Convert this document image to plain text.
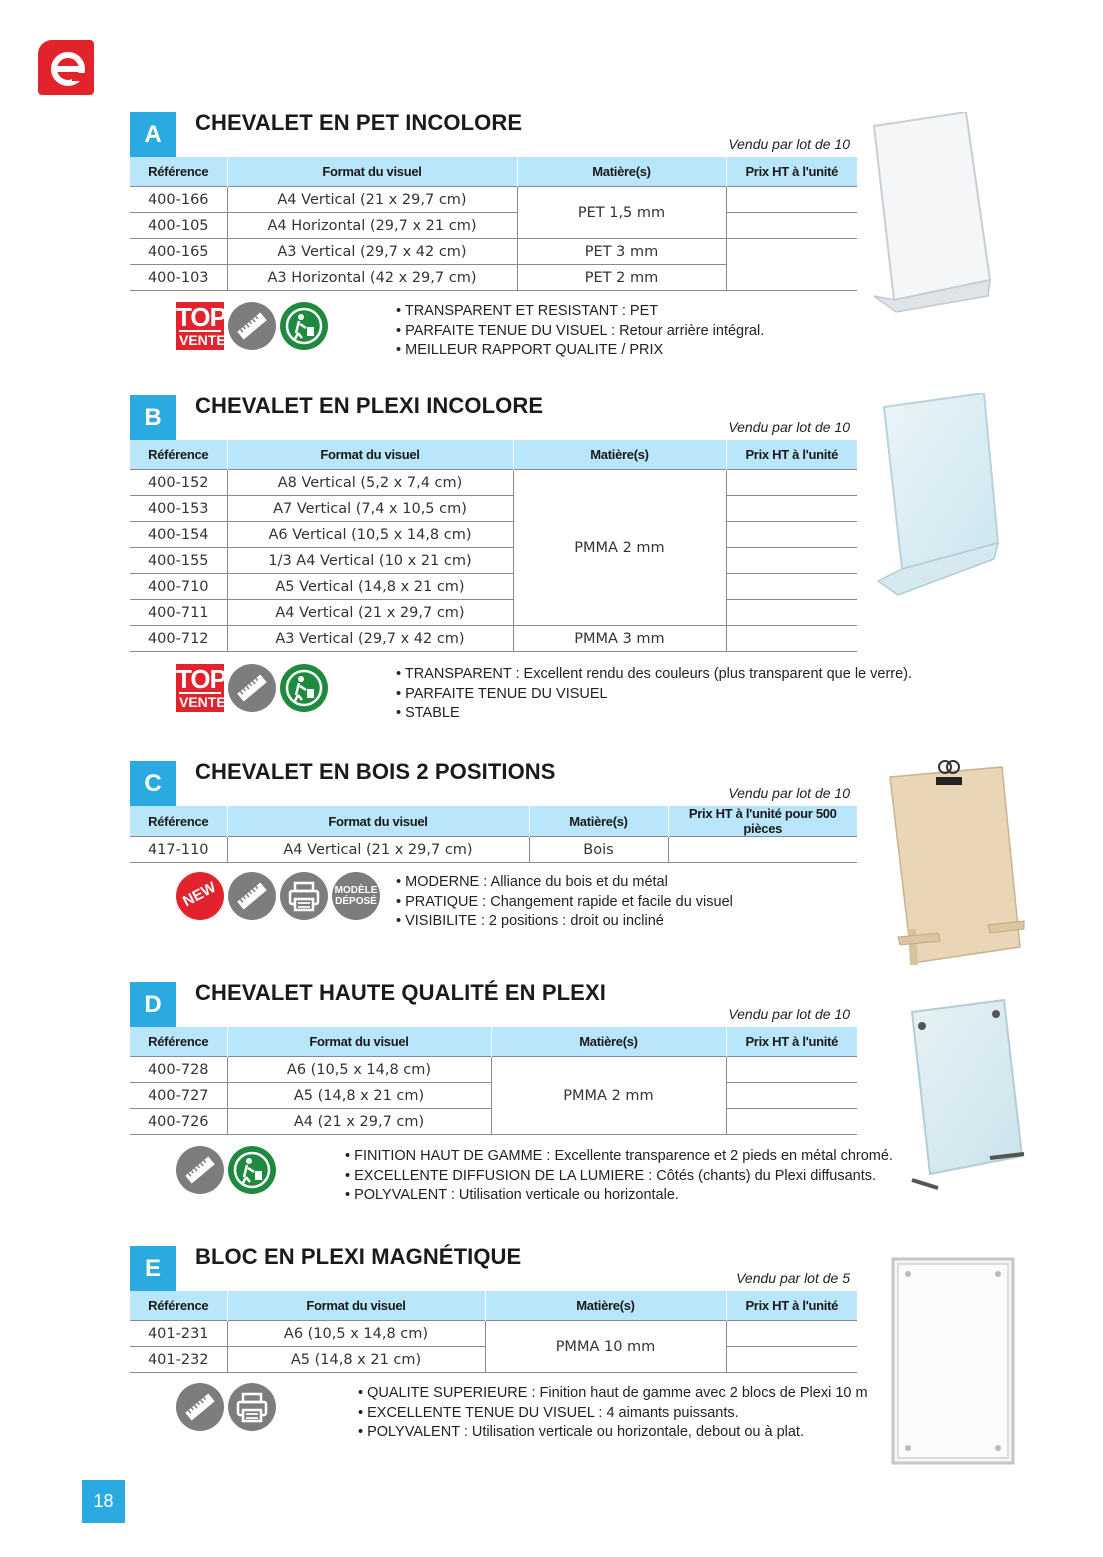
A	CHEVALET EN PET INCOLORE
Vendu par lot de 10
Référence	Format du visuel	Matière(s)	Prix HT à l'unité
400-166	A4 Vertical (21 x 29,7 cm)	PET 1,5 mm	
400-105	A4 Horizontal (29,7 x 21 cm)		
400-165	A3 Vertical (29,7 x 42 cm)	PET 3 mm	
400-103	A3 Horizontal (42 x 29,7 cm)	PET 2 mm	
TOP
VENTE
• TRANSPARENT ET RESISTANT : PET
• PARFAITE TENUE DU VISUEL : Retour arrière intégral.
• MEILLEUR RAPPORT QUALITE / PRIX
B	CHEVALET EN PLEXI INCOLORE
Vendu par lot de 10
Référence	Format du visuel	Matière(s)	Prix HT à l'unité
400-152	A8 Vertical (5,2 x 7,4 cm)	PMMA 2 mm	
400-153	A7 Vertical (7,4 x 10,5 cm)		
400-154	A6 Vertical (10,5 x 14,8 cm)		
400-155	1/3 A4 Vertical (10 x 21 cm)		
400-710	A5 Vertical (14,8 x 21 cm)		
400-711	A4 Vertical (21 x 29,7 cm)		
400-712	A3 Vertical (29,7 x 42 cm)	PMMA 3 mm	
TOP
VENTE
• TRANSPARENT : Excellent rendu des couleurs (plus transparent que le verre).
• PARFAITE TENUE DU VISUEL
• STABLE
C	CHEVALET EN BOIS 2 POSITIONS
Vendu par lot de 10
Référence	Format du visuel	Matière(s)	Prix HT à l'unité pour 500 pièces
417-110	A4 Vertical (21 x 29,7 cm)	Bois	
NEW	MODÈLE
DÉPOSÉ
• MODERNE : Alliance du bois et du métal
• PRATIQUE : Changement rapide et facile du visuel
• VISIBILITE : 2 positions : droit ou incliné
D	CHEVALET HAUTE QUALITÉ EN PLEXI
Vendu par lot de 10
Référence	Format du visuel	Matière(s)	Prix HT à l'unité
400-728	A6 (10,5 x 14,8 cm)	PMMA 2 mm	
400-727	A5 (14,8 x 21 cm)		
400-726	A4 (21 x 29,7 cm)		
• FINITION HAUT DE GAMME : Excellente transparence et 2 pieds en métal chromé.
• EXCELLENTE DIFFUSION DE LA LUMIERE : Côtés (chants) du Plexi diffusants.
• POLYVALENT : Utilisation verticale ou horizontale.
E	BLOC EN PLEXI MAGNÉTIQUE
Vendu par lot de 5
Référence	Format du visuel	Matière(s)	Prix HT à l'unité
401-231	A6 (10,5 x 14,8 cm)	PMMA 10 mm	
401-232	A5 (14,8 x 21 cm)		
• QUALITE SUPERIEURE : Finition haut de gamme avec 2 blocs de Plexi 10 m
• EXCELLENTE TENUE DU VISUEL : 4 aimants puissants.
• POLYVALENT : Utilisation verticale ou horizontale, debout ou à plat.
18
